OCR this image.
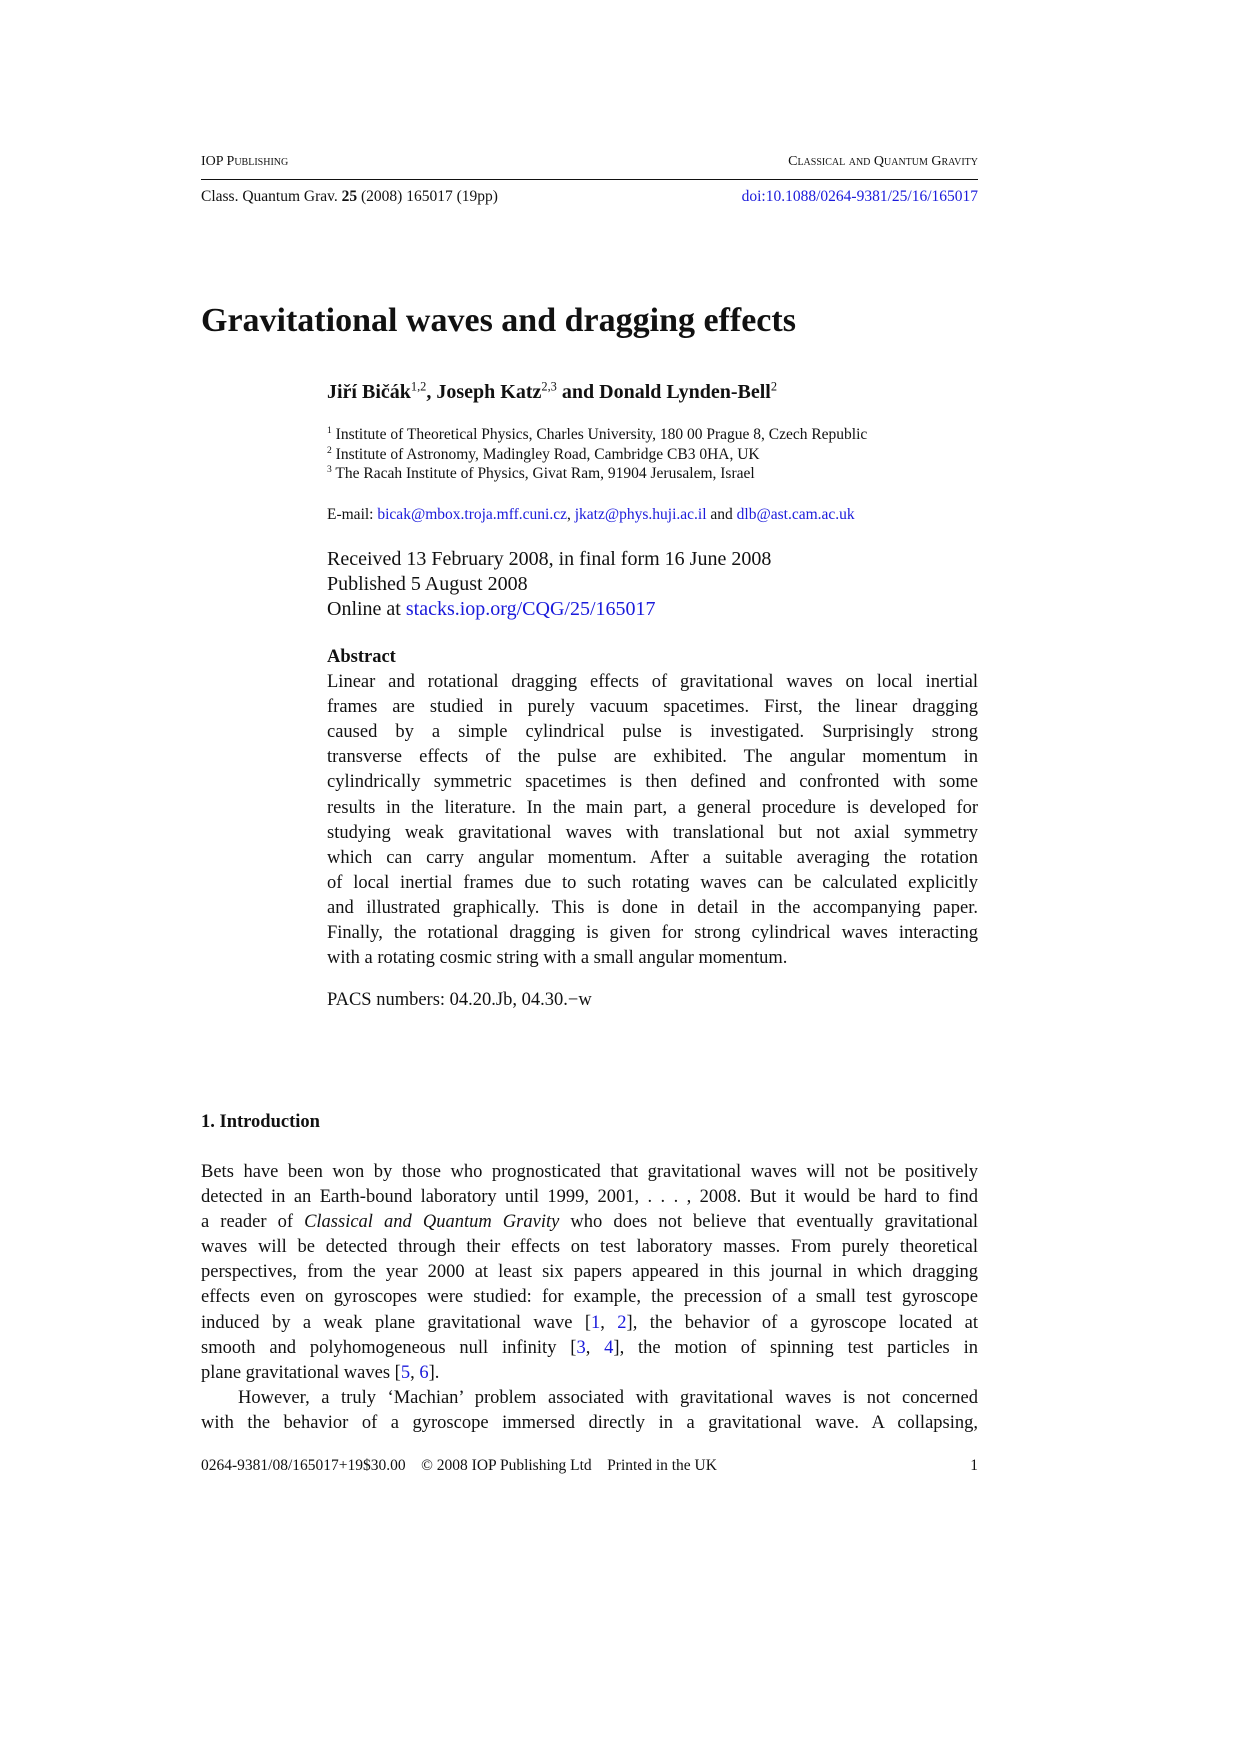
IOP Publishing	Classical and Quantum Gravity
Class. Quantum Grav. 25 (2008) 165017 (19pp)	doi:10.1088/0264-9381/25/16/165017
Gravitational waves and dragging effects
Jiří Bičák$^{1,2}$, Joseph Katz$^{2,3}$ and Donald Lynden-Bell$^2$
$^1$ Institute of Theoretical Physics, Charles University, 180 00 Prague 8, Czech Republic
$^2$ Institute of Astronomy, Madingley Road, Cambridge CB3 0HA, UK
$^3$ The Racah Institute of Physics, Givat Ram, 91904 Jerusalem, Israel
E-mail: bicak@mbox.troja.mff.cuni.cz, jkatz@phys.huji.ac.il and dlb@ast.cam.ac.uk
Received 13 February 2008, in final form 16 June 2008
Published 5 August 2008
Online at stacks.iop.org/CQG/25/165017
Abstract
Linear and rotational dragging effects of gravitational waves on local inertial
frames are studied in purely vacuum spacetimes. First, the linear dragging
caused by a simple cylindrical pulse is investigated. Surprisingly strong
transverse effects of the pulse are exhibited. The angular momentum in
cylindrically symmetric spacetimes is then defined and confronted with some
results in the literature. In the main part, a general procedure is developed for
studying weak gravitational waves with translational but not axial symmetry
which can carry angular momentum. After a suitable averaging the rotation
of local inertial frames due to such rotating waves can be calculated explicitly
and illustrated graphically. This is done in detail in the accompanying paper.
Finally, the rotational dragging is given for strong cylindrical waves interacting
with a rotating cosmic string with a small angular momentum.
PACS numbers: 04.20.Jb, 04.30.−w
1. Introduction
Bets have been won by those who prognosticated that gravitational waves will not be positively
detected in an Earth-bound laboratory until 1999, 2001, . . . , 2008. But it would be hard to find
a reader of Classical and Quantum Gravity who does not believe that eventually gravitational
waves will be detected through their effects on test laboratory masses. From purely theoretical
perspectives, from the year 2000 at least six papers appeared in this journal in which dragging
effects even on gyroscopes were studied: for example, the precession of a small test gyroscope
induced by a weak plane gravitational wave [1, 2], the behavior of a gyroscope located at
smooth and polyhomogeneous null infinity [3, 4], the motion of spinning test particles in
plane gravitational waves [5, 6].
However, a truly ‘Machian’ problem associated with gravitational waves is not concerned
with the behavior of a gyroscope immersed directly in a gravitational wave. A collapsing,
0264-9381/08/165017+19$30.00    © 2008 IOP Publishing Ltd    Printed in the UK	1
